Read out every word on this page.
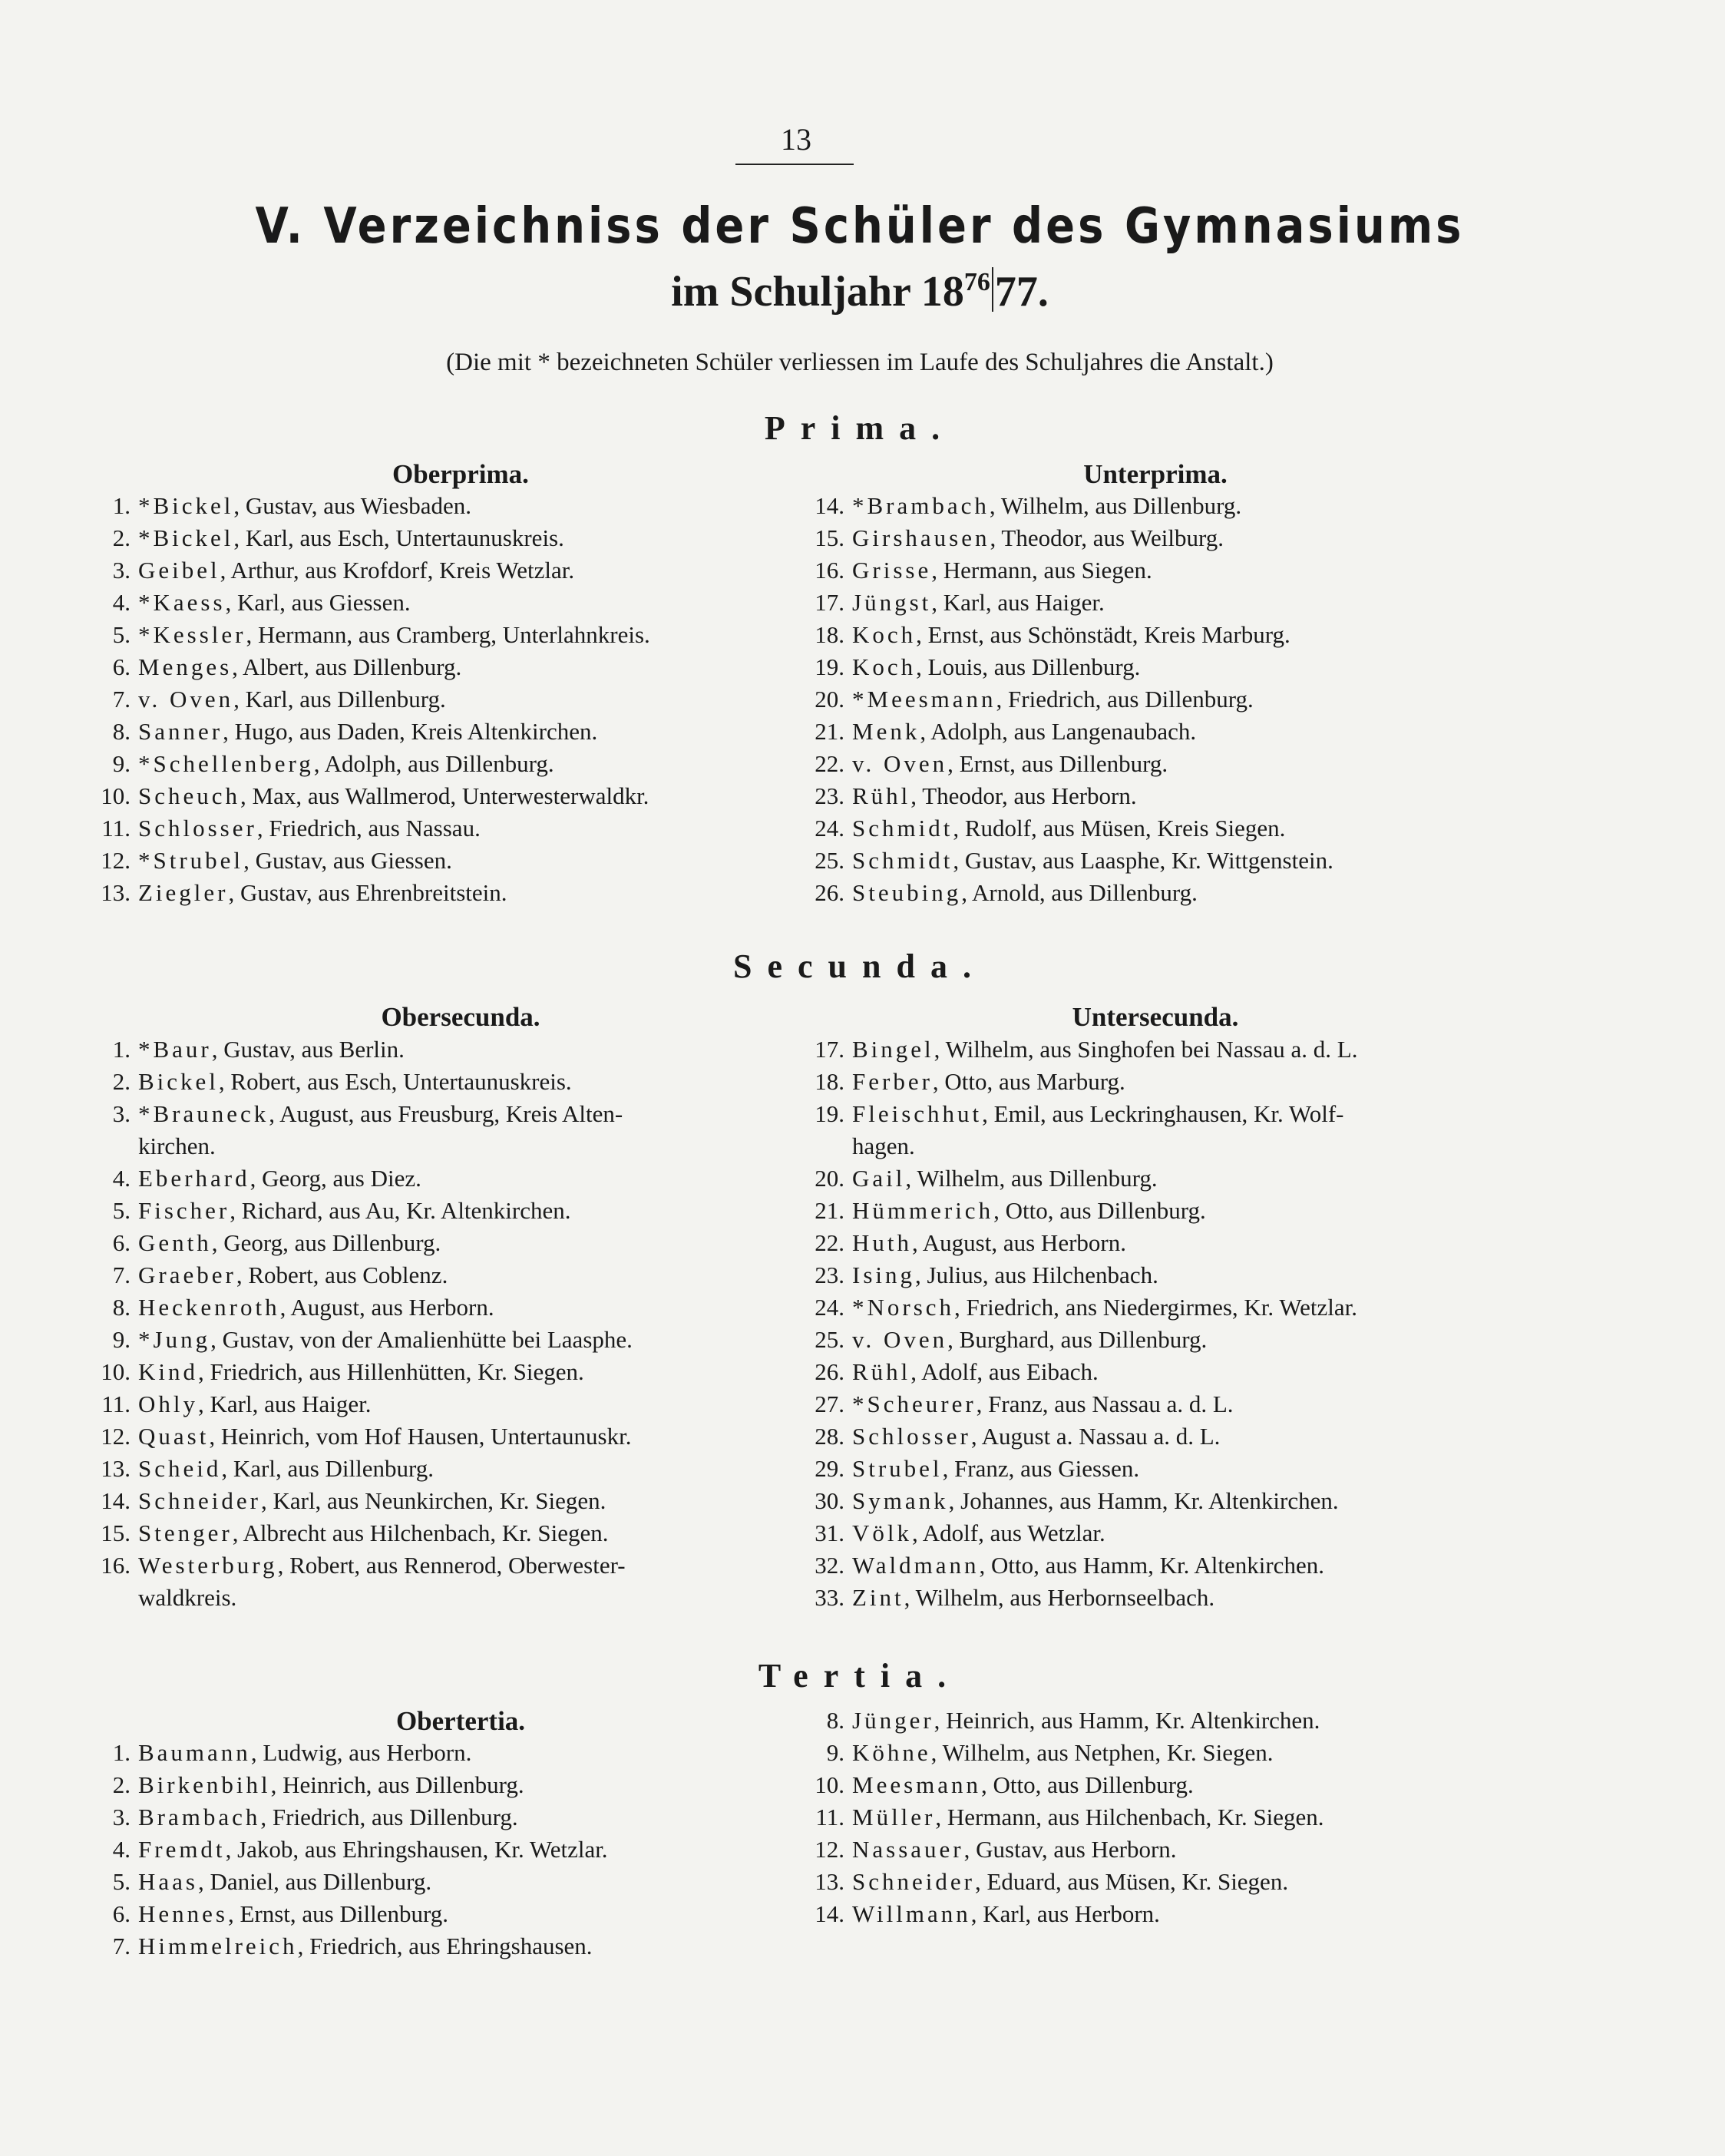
13
V. Verzeichniss der Schüler des Gymnasiums
im Schuljahr $18^{76}$ 77.
(Die mit * bezeichneten Schüler verliessen im Laufe des Schuljahres die Anstalt.)
Prima.
Oberprima.	Unterprima.
1. *Bickel, Gustav, aus Wiesbaden.
2. *Bickel, Karl, aus Esch, Untertaunuskreis.
3. Geibel, Arthur, aus Krofdorf, Kreis Wetzlar.
4. *Kaess, Karl, aus Giessen.
5. *Kessler, Hermann, aus Cramberg, Unterlahnkreis.
6. Menges, Albert, aus Dillenburg.
7. v. Oven, Karl, aus Dillenburg.
8. Sanner, Hugo, aus Daden, Kreis Altenkirchen.
9. *Schellenberg, Adolph, aus Dillenburg.
10. Scheuch, Max, aus Wallmerod, Unterwesterwaldkr.
11. Schlosser, Friedrich, aus Nassau.
12. *Strubel, Gustav, aus Giessen.
13. Ziegler, Gustav, aus Ehrenbreitstein.
14. *Brambach, Wilhelm, aus Dillenburg.
15. Girshausen, Theodor, aus Weilburg.
16. Grisse, Hermann, aus Siegen.
17. Jüngst, Karl, aus Haiger.
18. Koch, Ernst, aus Schönstädt, Kreis Marburg.
19. Koch, Louis, aus Dillenburg.
20. *Meesmann, Friedrich, aus Dillenburg.
21. Menk, Adolph, aus Langenaubach.
22. v. Oven, Ernst, aus Dillenburg.
23. Rühl, Theodor, aus Herborn.
24. Schmidt, Rudolf, aus Müsen, Kreis Siegen.
25. Schmidt, Gustav, aus Laasphe, Kr. Wittgenstein.
26. Steubing, Arnold, aus Dillenburg.
Secunda.
Obersecunda.	Untersecunda.
1. *Baur, Gustav, aus Berlin.
2. Bickel, Robert, aus Esch, Untertaunuskreis.
3. *Brauneck, August, aus Freusburg, Kreis Alten-
kirchen.
4. Eberhard, Georg, aus Diez.
5. Fischer, Richard, aus Au, Kr. Altenkirchen.
6. Genth, Georg, aus Dillenburg.
7. Graeber, Robert, aus Coblenz.
8. Heckenroth, August, aus Herborn.
9. *Jung, Gustav, von der Amalienhütte bei Laasphe.
10. Kind, Friedrich, aus Hillenhütten, Kr. Siegen.
11. Ohly, Karl, aus Haiger.
12. Quast, Heinrich, vom Hof Hausen, Untertaunuskr.
13. Scheid, Karl, aus Dillenburg.
14. Schneider, Karl, aus Neunkirchen, Kr. Siegen.
15. Stenger, Albrecht aus Hilchenbach, Kr. Siegen.
16. Westerburg, Robert, aus Rennerod, Oberwester-
waldkreis.
17. Bingel, Wilhelm, aus Singhofen bei Nassau a. d. L.
18. Ferber, Otto, aus Marburg.
19. Fleischhut, Emil, aus Leckringhausen, Kr. Wolf-
hagen.
20. Gail, Wilhelm, aus Dillenburg.
21. Hümmerich, Otto, aus Dillenburg.
22. Huth, August, aus Herborn.
23. Ising, Julius, aus Hilchenbach.
24. *Norsch, Friedrich, ans Niedergirmes, Kr. Wetzlar.
25. v. Oven, Burghard, aus Dillenburg.
26. Rühl, Adolf, aus Eibach.
27. *Scheurer, Franz, aus Nassau a. d. L.
28. Schlosser, August a. Nassau a. d. L.
29. Strubel, Franz, aus Giessen.
30. Symank, Johannes, aus Hamm, Kr. Altenkirchen.
31. Völk, Adolf, aus Wetzlar.
32. Waldmann, Otto, aus Hamm, Kr. Altenkirchen.
33. Zint, Wilhelm, aus Herbornseelbach.
Tertia.
Obertertia.
1. Baumann, Ludwig, aus Herborn.
2. Birkenbihl, Heinrich, aus Dillenburg.
3. Brambach, Friedrich, aus Dillenburg.
4. Fremdt, Jakob, aus Ehringshausen, Kr. Wetzlar.
5. Haas, Daniel, aus Dillenburg.
6. Hennes, Ernst, aus Dillenburg.
7. Himmelreich, Friedrich, aus Ehringshausen.
8. Jünger, Heinrich, aus Hamm, Kr. Altenkirchen.
9. Köhne, Wilhelm, aus Netphen, Kr. Siegen.
10. Meesmann, Otto, aus Dillenburg.
11. Müller, Hermann, aus Hilchenbach, Kr. Siegen.
12. Nassauer, Gustav, aus Herborn.
13. Schneider, Eduard, aus Müsen, Kr. Siegen.
14. Willmann, Karl, aus Herborn.
